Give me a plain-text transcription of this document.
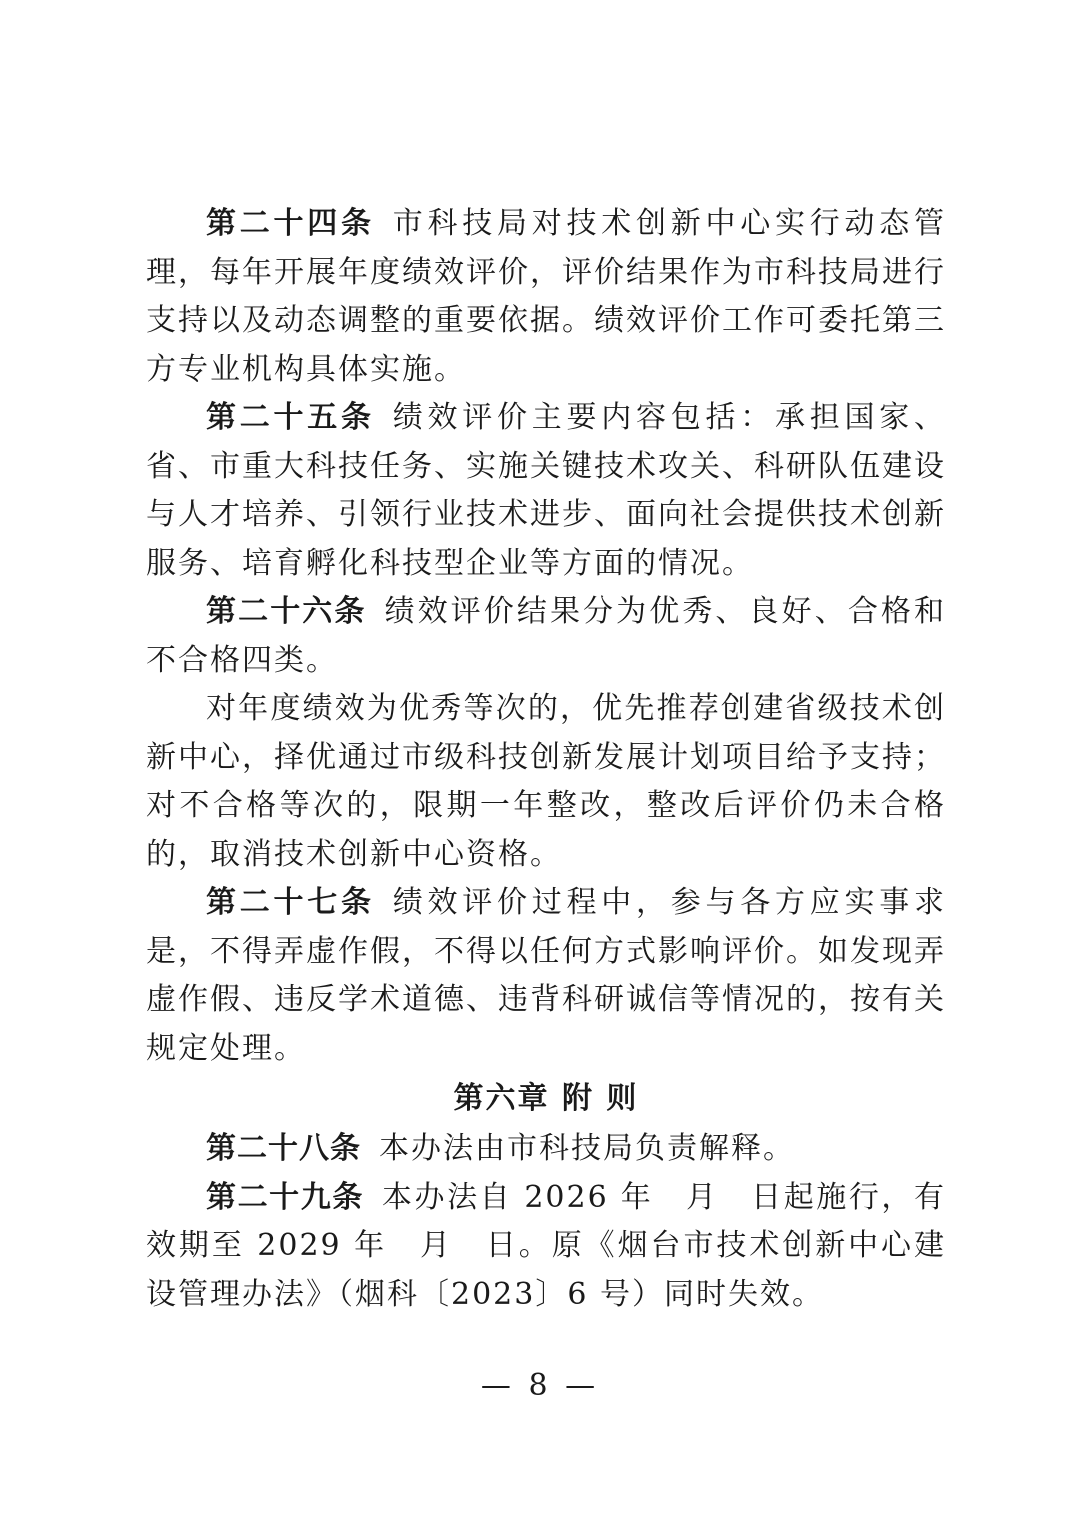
第二十四条 市科技局对技术创新中心实行动态管理，每年开展年度绩效评价，评价结果作为市科技局进行支持以及动态调整的重要依据。绩效评价工作可委托第三方专业机构具体实施。

第二十五条 绩效评价主要内容包括：承担国家、省、市重大科技任务、实施关键技术攻关、科研队伍建设与人才培养、引领行业技术进步、面向社会提供技术创新服务、培育孵化科技型企业等方面的情况。

第二十六条 绩效评价结果分为优秀、良好、合格和不合格四类。

对年度绩效为优秀等次的，优先推荐创建省级技术创新中心，择优通过市级科技创新发展计划项目给予支持；对不合格等次的，限期一年整改，整改后评价仍未合格的，取消技术创新中心资格。

第二十七条 绩效评价过程中，参与各方应实事求是，不得弄虚作假，不得以任何方式影响评价。如发现弄虚作假、违反学术道德、违背科研诚信等情况的，按有关规定处理。

第六章 附 则

第二十八条 本办法由市科技局负责解释。

第二十九条 本办法自 2026 年　月　日起施行，有效期至 2029 年　月　日。原《烟台市技术创新中心建设管理办法》（烟科〔2023〕6 号）同时失效。

— 8 —
